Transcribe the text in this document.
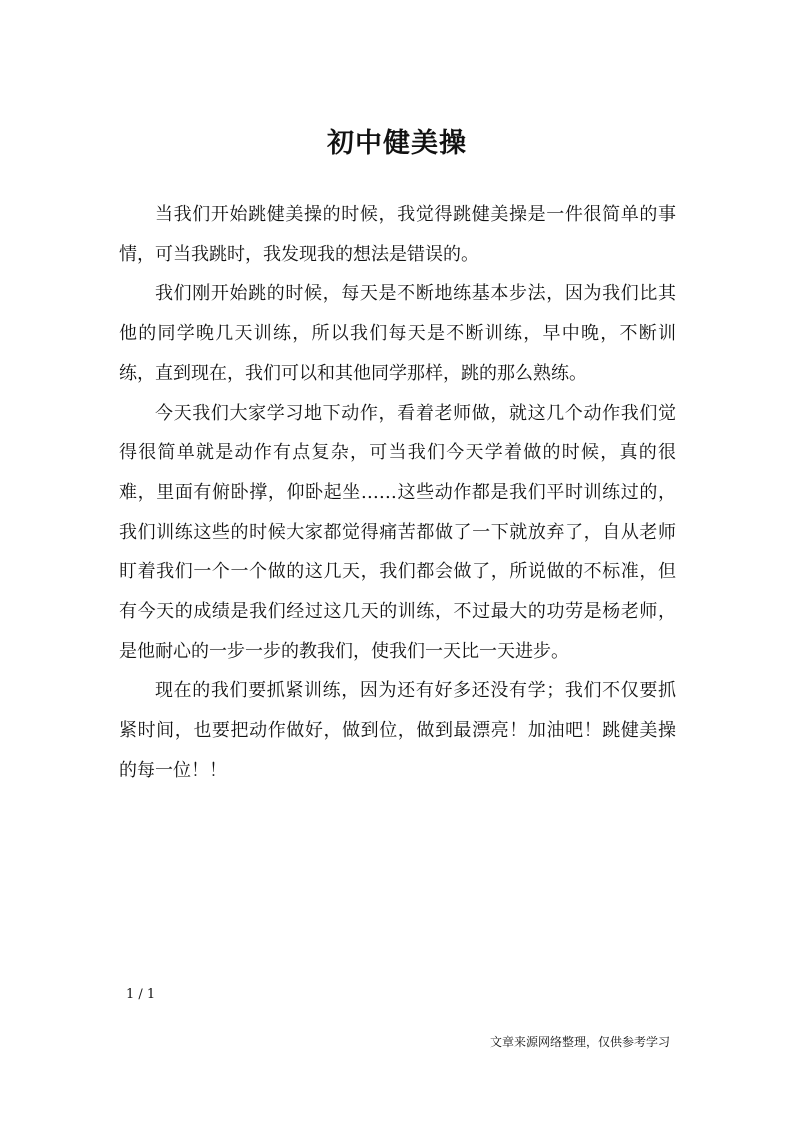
初中健美操

当我们开始跳健美操的时候，我觉得跳健美操是一件很简单的事情，可当我跳时，我发现我的想法是错误的。

我们刚开始跳的时候，每天是不断地练基本步法，因为我们比其他的同学晚几天训练，所以我们每天是不断训练，早中晚，不断训练，直到现在，我们可以和其他同学那样，跳的那么熟练。

今天我们大家学习地下动作，看着老师做，就这几个动作我们觉得很简单就是动作有点复杂，可当我们今天学着做的时候，真的很难，里面有俯卧撑，仰卧起坐……这些动作都是我们平时训练过的，我们训练这些的时候大家都觉得痛苦都做了一下就放弃了，自从老师盯着我们一个一个做的这几天，我们都会做了，所说做的不标准，但有今天的成绩是我们经过这几天的训练，不过最大的功劳是杨老师，是他耐心的一步一步的教我们，使我们一天比一天进步。

现在的我们要抓紧训练，因为还有好多还没有学；我们不仅要抓紧时间，也要把动作做好，做到位，做到最漂亮！加油吧！跳健美操的每一位！！

1 / 1
文章来源网络整理，仅供参考学习
